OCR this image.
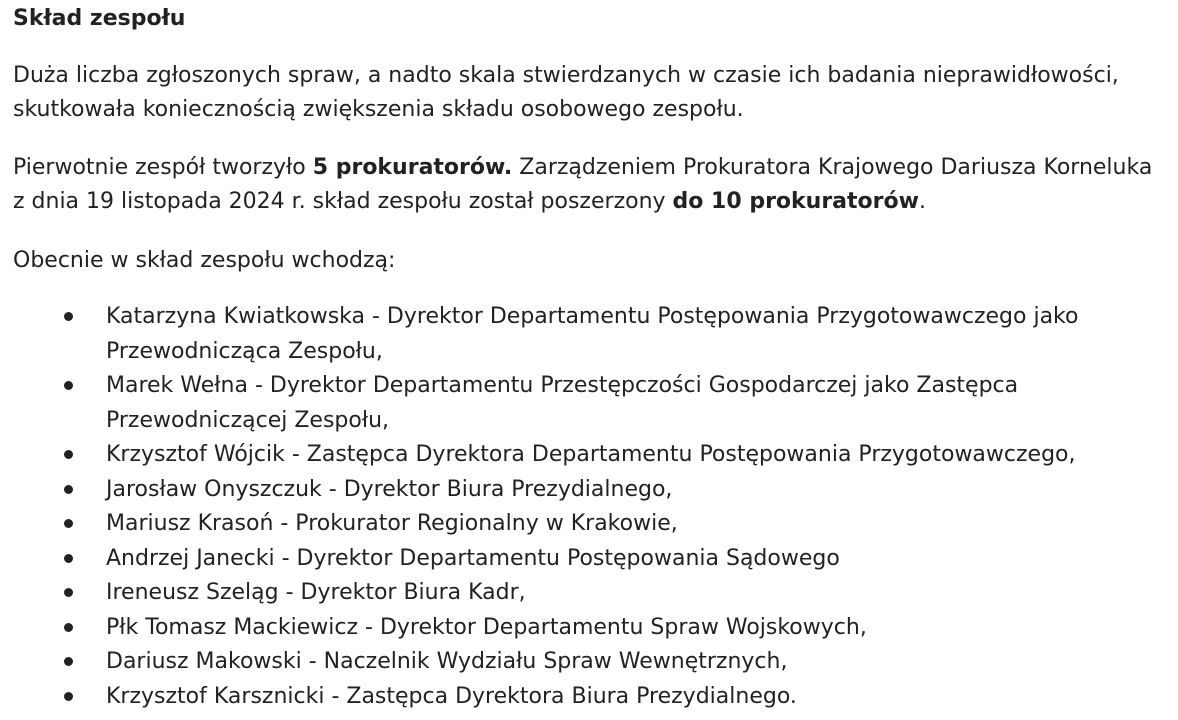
Skład zespołu

Duża liczba zgłoszonych spraw, a nadto skala stwierdzanych w czasie ich badania nieprawidłowości, skutkowała koniecznością zwiększenia składu osobowego zespołu.

Pierwotnie zespół tworzyło 5 prokuratorów. Zarządzeniem Prokuratora Krajowego Dariusza Korneluka z dnia 19 listopada 2024 r. skład zespołu został poszerzony do 10 prokuratorów.

Obecnie w skład zespołu wchodzą:

Katarzyna Kwiatkowska - Dyrektor Departamentu Postępowania Przygotowawczego jako Przewodnicząca Zespołu,
Marek Wełna - Dyrektor Departamentu Przestępczości Gospodarczej jako Zastępca Przewodniczącej Zespołu,
Krzysztof Wójcik - Zastępca Dyrektora Departamentu Postępowania Przygotowawczego,
Jarosław Onyszczuk - Dyrektor Biura Prezydialnego,
Mariusz Krasoń - Prokurator Regionalny w Krakowie,
Andrzej Janecki - Dyrektor Departamentu Postępowania Sądowego
Ireneusz Szeląg - Dyrektor Biura Kadr,
Płk Tomasz Mackiewicz - Dyrektor Departamentu Spraw Wojskowych,
Dariusz Makowski - Naczelnik Wydziału Spraw Wewnętrznych,
Krzysztof Karsznicki - Zastępca Dyrektora Biura Prezydialnego.
